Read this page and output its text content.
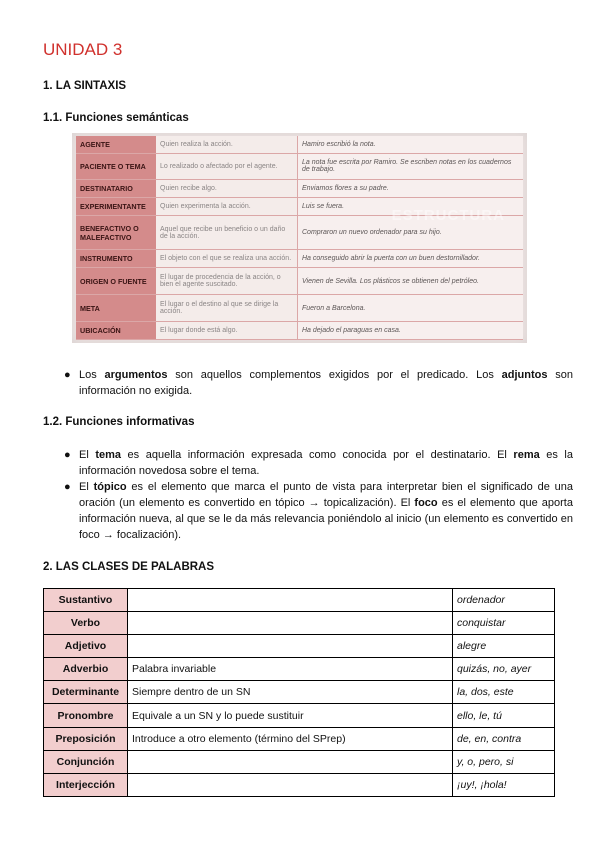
UNIDAD 3
1. LA SINTAXIS
1.1. Funciones semánticas
AGENTE	Quien realiza la acción.	Hamiro escribió la nota.
PACIENTE O TEMA	Lo realizado o afectado por el agente.	La nota fue escrita por Ramiro. Se escriben notas en los cuadernos de trabajo.
DESTINATARIO	Quien recibe algo.	Enviamos flores a su padre.
EXPERIMENTANTE	Quien experimenta la acción.	Luis se fuera.
BENEFACTIVO O MALEFACTIVO	Aquel que recibe un beneficio o un daño de la acción.	Compraron un nuevo ordenador para su hijo.
INSTRUMENTO	El objeto con el que se realiza una acción.	Ha conseguido abrir la puerta con un buen destornillador.
ORIGEN O FUENTE	El lugar de procedencia de la acción, o bien el agente suscitado.	Vienen de Sevilla. Los plásticos se obtienen del petróleo.
META	El lugar o el destino al que se dirige la acción.	Fueron a Barcelona.
UBICACIÓN	El lugar donde está algo.	Ha dejado el paraguas en casa.
ESTRUCTURA
● Los argumentos son aquellos complementos exigidos por el predicado. Los adjuntos son información no exigida.
1.2. Funciones informativas
● El tema es aquella información expresada como conocida por el destinatario. El rema es la información novedosa sobre el tema.
● El tópico es el elemento que marca el punto de vista para interpretar bien el significado de una oración (un elemento es convertido en tópico → topicalización). El foco es el elemento que aporta información nueva, al que se le da más relevancia poniéndolo al inicio (un elemento es convertido en foco → focalización).
2. LAS CLASES DE PALABRAS
Sustantivo		ordenador
Verbo		conquistar
Adjetivo		alegre
Adverbio	Palabra invariable	quizás, no, ayer
Determinante	Siempre dentro de un SN	la, dos, este
Pronombre	Equivale a un SN y lo puede sustituir	ello, le, tú
Preposición	Introduce a otro elemento (término del SPrep)	de, en, contra
Conjunción		y, o, pero, si
Interjección		¡uy!, ¡hola!
